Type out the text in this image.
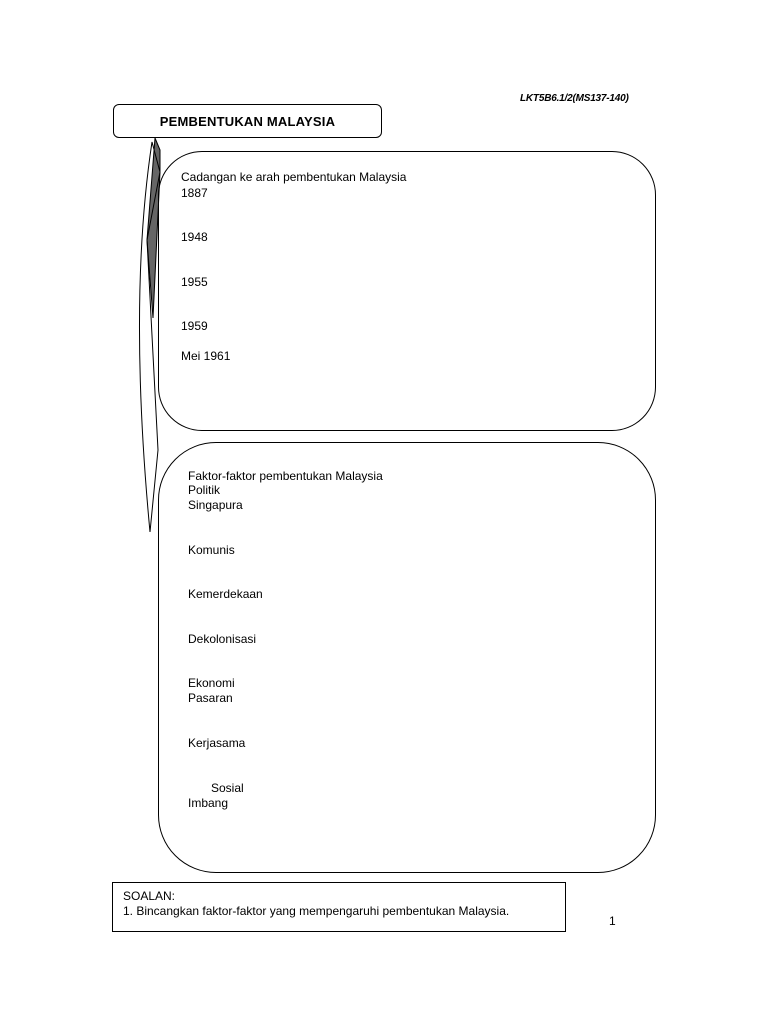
LKT5B6.1/2(MS137-140)
PEMBENTUKAN MALAYSIA
Cadangan ke arah pembentukan Malaysia
1887
1948
1955
1959
Mei 1961
Faktor-faktor pembentukan Malaysia
Politik
Singapura
Komunis
Kemerdekaan
Dekolonisasi
Ekonomi
Pasaran
Kerjasama
Sosial
Imbang
SOALAN:
1. Bincangkan faktor-faktor yang mempengaruhi pembentukan Malaysia.
1
